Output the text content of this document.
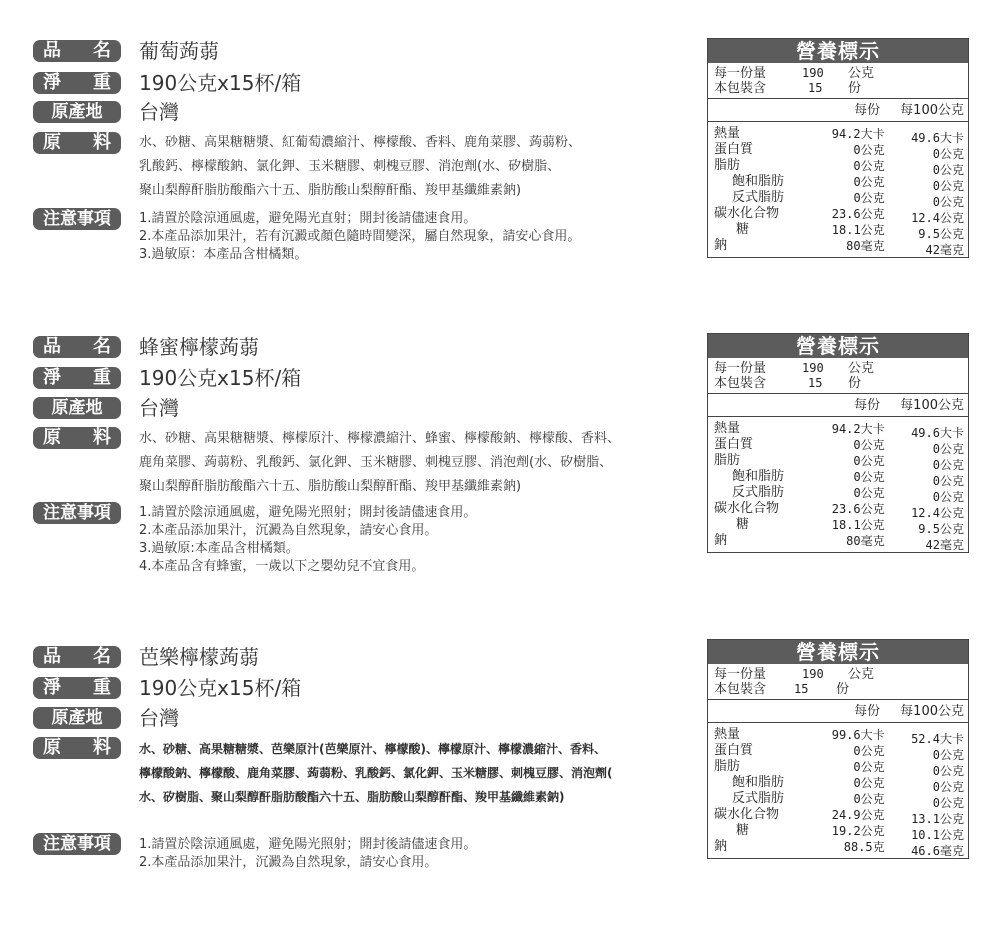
品 名 葡萄蒟蒻
淨 重 190公克x15杯/箱
原產地	台灣
原 料 水、砂糖、高果糖糖漿、紅葡萄濃縮汁、檸檬酸、香料、鹿角菜膠、蒟蒻粉、
乳酸鈣、檸檬酸鈉、氯化鉀、玉米糖膠、刺槐豆膠、消泡劑(水、矽樹脂、
聚山梨醇酐脂肪酸酯六十五、脂肪酸山梨醇酐酯、羧甲基纖維素鈉)
注意事項	1.請置於陰涼通風處，避免陽光直射；開封後請儘速食用。
2.本產品添加果汁，若有沉澱或顏色隨時間變深，屬自然現象，請安心食用。
3.過敏原：本產品含柑橘類。
營養標示
每一份量	190	公克
本包裝含	15	份
每份	每100公克
熱量	94.2大卡	49.6大卡
蛋白質	0公克	0公克
脂肪	0公克	0公克
飽和脂肪	0公克	0公克
反式脂肪	0公克	0公克
碳水化合物	23.6公克	12.4公克
糖	18.1公克	9.5公克
鈉	80毫克	42毫克
品 名 蜂蜜檸檬蒟蒻
淨 重 190公克x15杯/箱
原產地	台灣
原 料 水、砂糖、高果糖糖漿、檸檬原汁、檸檬濃縮汁、蜂蜜、檸檬酸鈉、檸檬酸、香料、
鹿角菜膠、蒟蒻粉、乳酸鈣、氯化鉀、玉米糖膠、刺槐豆膠、消泡劑(水、矽樹脂、
聚山梨醇酐脂肪酸酯六十五、脂肪酸山梨醇酐酯、羧甲基纖維素鈉)
注意事項	1.請置於陰涼通風處，避免陽光照射；開封後請儘速食用。
2.本產品添加果汁，沉澱為自然現象，請安心食用。
3.過敏原:本產品含柑橘類。
4.本產品含有蜂蜜，一歲以下之嬰幼兒不宜食用。
營養標示
每一份量	190	公克
本包裝含	15	份
每份	每100公克
熱量	94.2大卡	49.6大卡
蛋白質	0公克	0公克
脂肪	0公克	0公克
飽和脂肪	0公克	0公克
反式脂肪	0公克	0公克
碳水化合物	23.6公克	12.4公克
糖	18.1公克	9.5公克
鈉	80毫克	42毫克
品 名 芭樂檸檬蒟蒻
淨 重 190公克x15杯/箱
原產地	台灣
原 料 水、砂糖、高果糖糖漿、芭樂原汁(芭樂原汁、檸檬酸)、檸檬原汁、檸檬濃縮汁、香料、
檸檬酸鈉、檸檬酸、鹿角菜膠、蒟蒻粉、乳酸鈣、氯化鉀、玉米糖膠、刺槐豆膠、消泡劑(
水、矽樹脂、聚山梨醇酐脂肪酸酯六十五、脂肪酸山梨醇酐酯、羧甲基纖維素鈉)
注意事項	1.請置於陰涼通風處，避免陽光照射；開封後請儘速食用。
2.本產品添加果汁，沉澱為自然現象，請安心食用。
營養標示
每一份量	190	公克
本包裝含	15	份
每份	每100公克
熱量	99.6大卡	52.4大卡
蛋白質	0公克	0公克
脂肪	0公克	0公克
飽和脂肪	0公克	0公克
反式脂肪	0公克	0公克
碳水化合物	24.9公克	13.1公克
糖	19.2公克	10.1公克
鈉	88.5克	46.6毫克
